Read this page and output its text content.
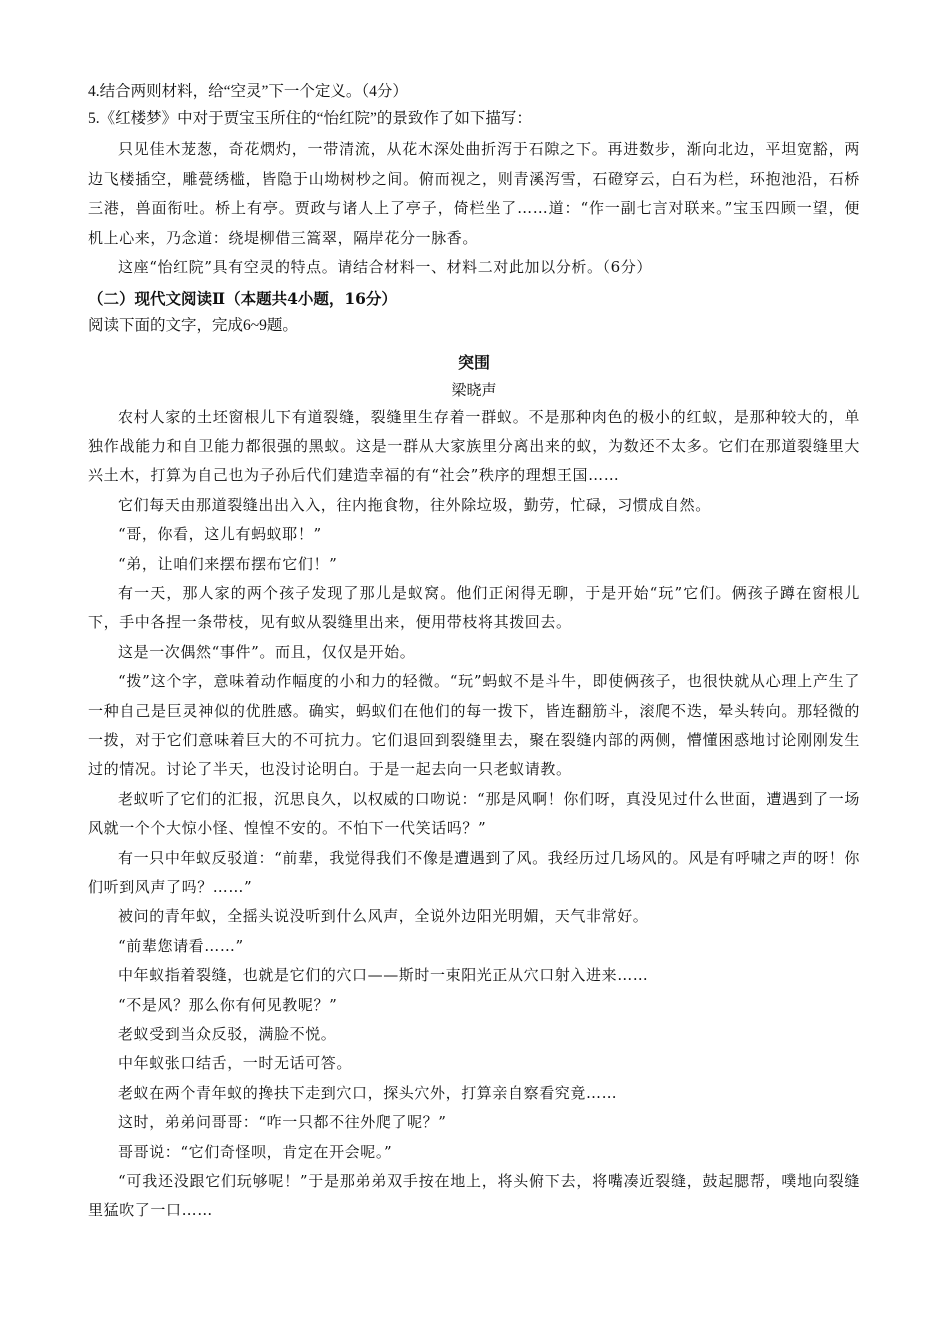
4.结合两则材料，给“空灵”下一个定义。（4分）

5.《红楼梦》中对于贾宝玉所住的“怡红院”的景致作了如下描写：

只见佳木茏葱，奇花熌灼，一带清流，从花木深处曲折泻于石隙之下。再进数步，渐向北边，平坦宽豁，两边飞楼插空，雕甍绣槛，皆隐于山坳树杪之间。俯而视之，则青溪泻雪，石磴穿云，白石为栏，环抱池沿，石桥三港，兽面衔吐。桥上有亭。贾政与诸人上了亭子，倚栏坐了……道：“作一副七言对联来。”宝玉四顾一望，便机上心来，乃念道：绕堤柳借三篙翠，隔岸花分一脉香。

这座“怡红院”具有空灵的特点。请结合材料一、材料二对此加以分析。（6分）

（二）现代文阅读Ⅱ（本题共4小题，16分）

阅读下面的文字，完成6~9题。

突围

梁晓声

农村人家的土坯窗根儿下有道裂缝，裂缝里生存着一群蚁。不是那种肉色的极小的红蚁，是那种较大的，单独作战能力和自卫能力都很强的黑蚁。这是一群从大家族里分离出来的蚁，为数还不太多。它们在那道裂缝里大兴土木，打算为自己也为子孙后代们建造幸福的有“社会”秩序的理想王国……

它们每天由那道裂缝出出入入，往内拖食物，往外除垃圾，勤劳，忙碌，习惯成自然。

“哥，你看，这儿有蚂蚁耶！”

“弟，让咱们来摆布摆布它们！”

有一天，那人家的两个孩子发现了那儿是蚁窝。他们正闲得无聊，于是开始“玩”它们。俩孩子蹲在窗根儿下，手中各捏一条带枝，见有蚁从裂缝里出来，便用带枝将其拨回去。

这是一次偶然“事件”。而且，仅仅是开始。

“拨”这个字，意味着动作幅度的小和力的轻微。“玩”蚂蚁不是斗牛，即使俩孩子，也很快就从心理上产生了一种自己是巨灵神似的优胜感。确实，蚂蚁们在他们的每一拨下，皆连翻筋斗，滚爬不迭，晕头转向。那轻微的一拨，对于它们意味着巨大的不可抗力。它们退回到裂缝里去，聚在裂缝内部的两侧，懵懂困惑地讨论刚刚发生过的情况。讨论了半天，也没讨论明白。于是一起去向一只老蚁请教。

老蚁听了它们的汇报，沉思良久，以权威的口吻说：“那是风啊！你们呀，真没见过什么世面，遭遇到了一场风就一个个大惊小怪、惶惶不安的。不怕下一代笑话吗？”

有一只中年蚁反驳道：“前辈，我觉得我们不像是遭遇到了风。我经历过几场风的。风是有呼啸之声的呀！你们听到风声了吗？……”

被问的青年蚁，全摇头说没听到什么风声，全说外边阳光明媚，天气非常好。

“前辈您请看……”

中年蚁指着裂缝，也就是它们的穴口——斯时一束阳光正从穴口射入进来……

“不是风？那么你有何见教呢？”

老蚁受到当众反驳，满脸不悦。

中年蚁张口结舌，一时无话可答。

老蚁在两个青年蚁的搀扶下走到穴口，探头穴外，打算亲自察看究竟……

这时，弟弟问哥哥：“咋一只都不往外爬了呢？”

哥哥说：“它们奇怪呗，肯定在开会呢。”

“可我还没跟它们玩够呢！”于是那弟弟双手按在地上，将头俯下去，将嘴凑近裂缝，鼓起腮帮，噗地向裂缝里猛吹了一口……
